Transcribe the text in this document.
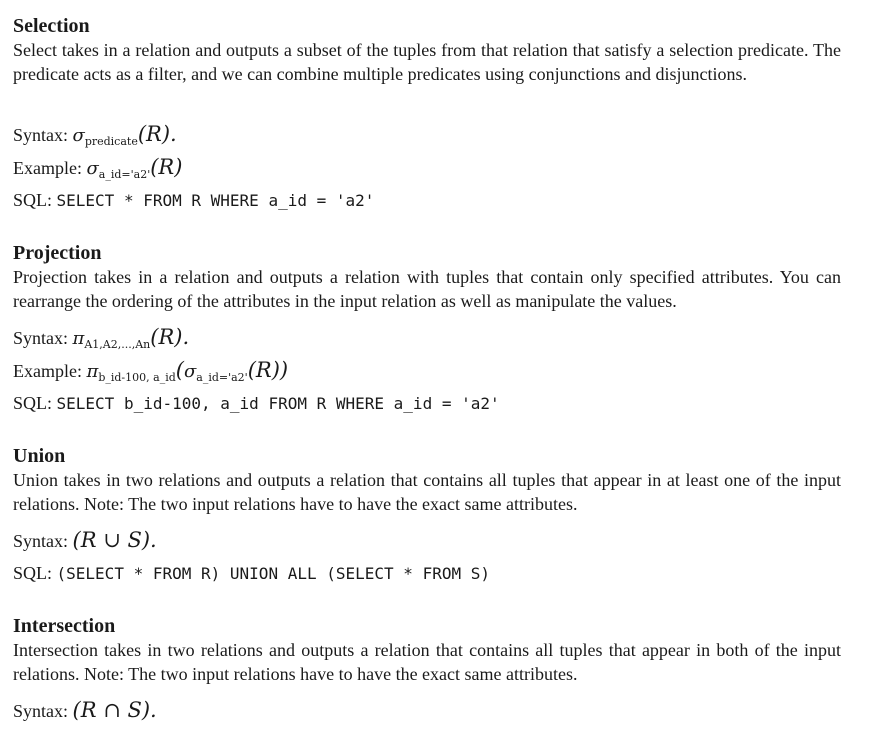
Selection

Select takes in a relation and outputs a subset of the tuples from that relation that satisfy a selection predicate. The predicate acts as a filter, and we can combine multiple predicates using conjunctions and disjunctions.

Syntax: $\sigma_{predicate}(R)$.
Example: $\sigma_{a\_id='a2'}(R)$
SQL: SELECT * FROM R WHERE a_id = 'a2'
Projection

Projection takes in a relation and outputs a relation with tuples that contain only specified attributes. You can rearrange the ordering of the attributes in the input relation as well as manipulate the values.

Syntax: $\pi_{A1,A2,...,An}(R)$.
Example: $\pi_{b\_id-100, a\_id}(\sigma_{a\_id='a2'}(R))$
SQL: SELECT b_id-100, a_id FROM R WHERE a_id = 'a2'
Union

Union takes in two relations and outputs a relation that contains all tuples that appear in at least one of the input relations. Note: The two input relations have to have the exact same attributes.

Syntax: (R ∪ S).
SQL: (SELECT * FROM R) UNION ALL (SELECT * FROM S)
Intersection

Intersection takes in two relations and outputs a relation that contains all tuples that appear in both of the input relations. Note: The two input relations have to have the exact same attributes.

Syntax: (R ∩ S).
